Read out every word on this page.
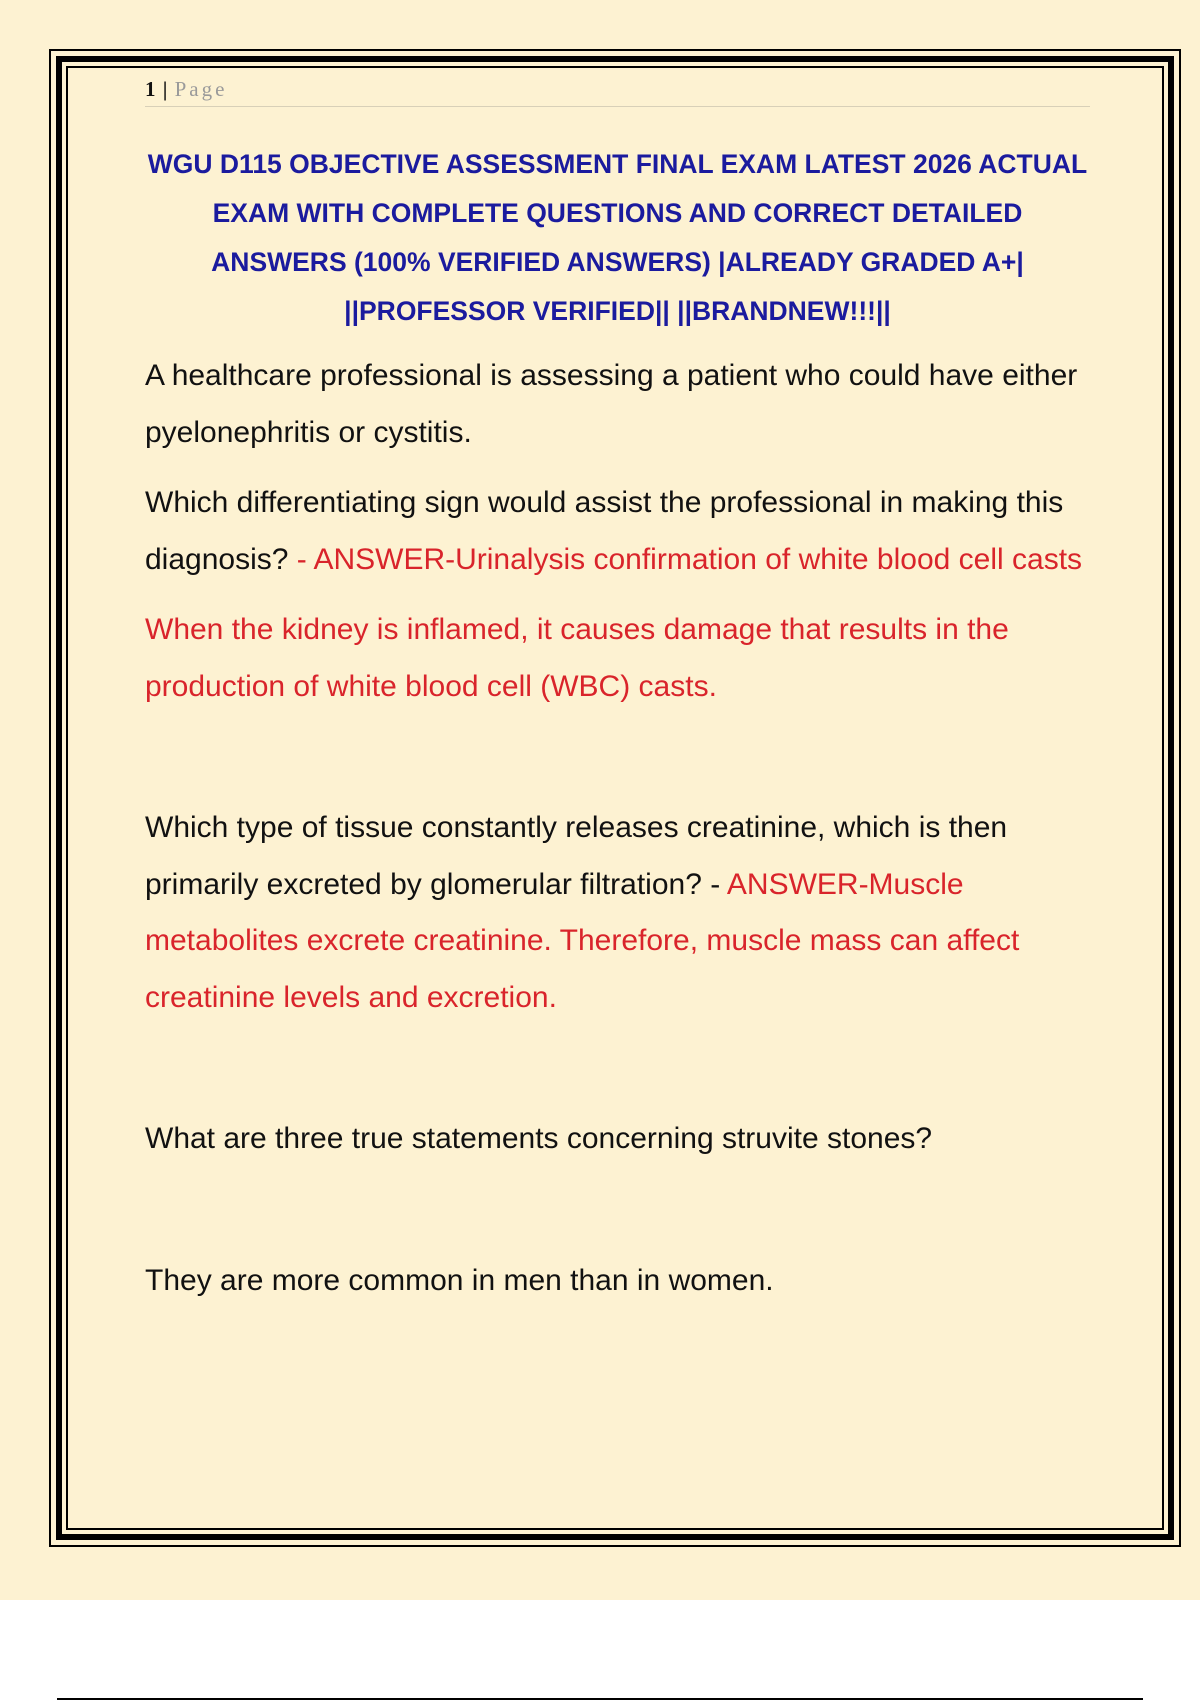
1 | Page
WGU D115 OBJECTIVE ASSESSMENT FINAL EXAM LATEST 2026 ACTUAL EXAM WITH COMPLETE QUESTIONS AND CORRECT DETAILED ANSWERS (100% VERIFIED ANSWERS) |ALREADY GRADED A+| ||PROFESSOR VERIFIED|| ||BRANDNEW!!!||

A healthcare professional is assessing a patient who could have either pyelonephritis or cystitis.

Which differentiating sign would assist the professional in making this diagnosis? - ANSWER-Urinalysis confirmation of white blood cell casts

When the kidney is inflamed, it causes damage that results in the production of white blood cell (WBC) casts.

Which type of tissue constantly releases creatinine, which is then primarily excreted by glomerular filtration? - ANSWER-Muscle metabolites excrete creatinine. Therefore, muscle mass can affect creatinine levels and excretion.

What are three true statements concerning struvite stones?

They are more common in men than in women.
